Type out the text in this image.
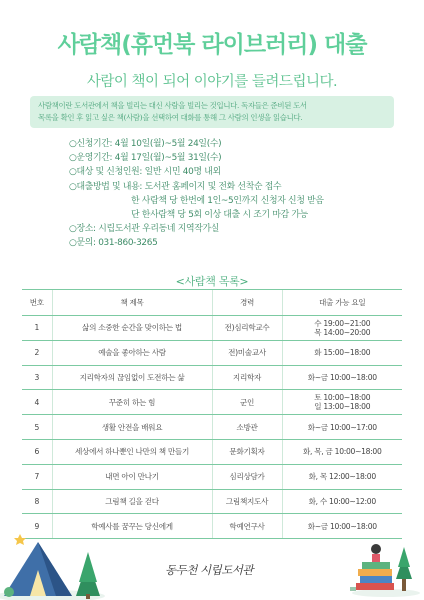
사람책(휴먼북 라이브러리) 대출
사람이 책이 되어 이야기를 들려드립니다.
사람책이란 도서관에서 책을 빌리는 대신 사람을 빌리는 것입니다. 독자들은 준비된 도서
목록을 확인 후 읽고 싶은 책(사람)을 선택하여 대화를 통해 그 사람의 인생을 읽습니다.
○신청기간: 4월 10일(월)~5월 24일(수)
○운영기간: 4월 17일(월)~5월 31일(수)
○대상 및 신청인원: 일반 시민 40명 내외
○대출방법 및 내용: 도서관 홈페이지 및 전화 선착순 접수
한 사람책 당 한번에 1인~5인까지 신청자 신청 받음
단 한사람책 당 5회 이상 대출 시 조기 마감 가능
○장소: 시립도서관 우리동네 지역작가실
○문의: 031-860-3265
<사람책 목록>
번호	책 제목	경력	대출 가능 요일
1	삶의 소중한 순간을 맞이하는 법	전)심리학교수	수 19:00~21:00
목 14:00~20:00

2	예술을 좋아하는 사람	전)미술교사	화 15:00~18:00
3	지리학자의 끊임없이 도전하는 삶	지리학자	화~금 10:00~18:00
4	꾸준히 하는 힘	군인	토 10:00~18:00
일 13:00~18:00

5	생활 안전을 배워요	소방관	화~금 10:00~17:00
6	세상에서 하나뿐인 나만의 책 만들기	문화기획자	화, 목, 금 10:00~18:00
7	내면 아이 만나기	심리상담가	화, 목 12:00~18:00
8	그림책 길을 걷다	그림책지도사	화, 수 10:00~12:00
9	학예사를 꿈꾸는 당신에게	학예연구사	화~금 10:00~18:00
동두천 시립도서관
